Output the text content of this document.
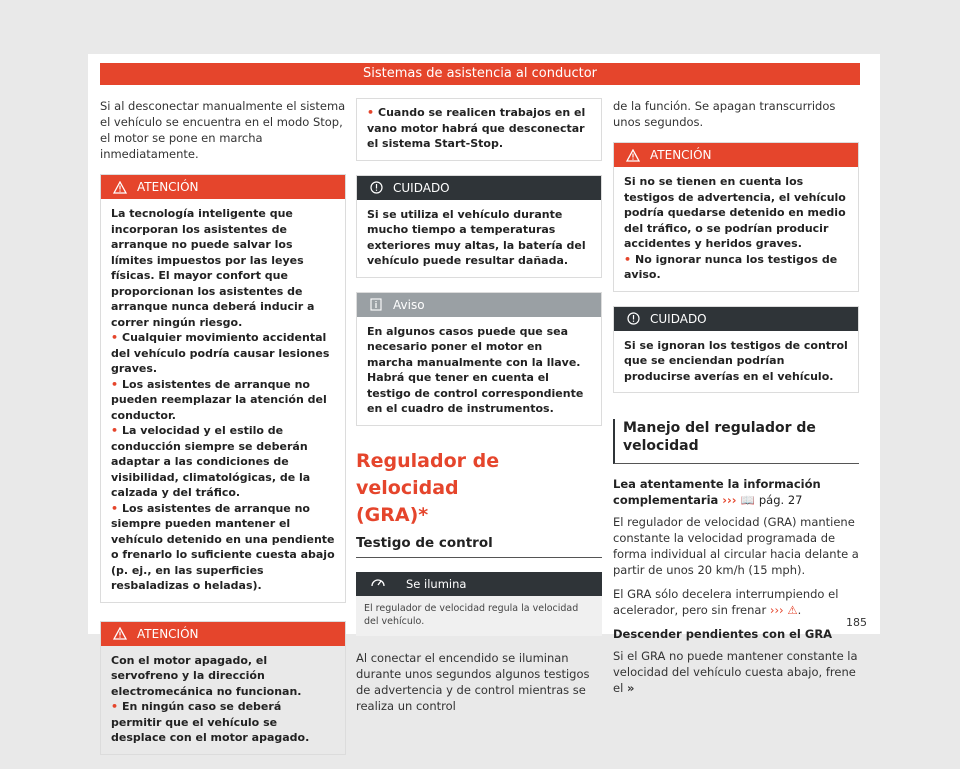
Sistemas de asistencia al conductor

Si al desconectar manualmente el sistema el vehículo se encuentra en el modo Stop, el motor se pone en marcha inmediatamente.

ATENCIÓN
La tecnología inteligente que incorporan los asistentes de arranque no puede salvar los límites impuestos por las leyes físicas. El mayor confort que proporcionan los asistentes de arranque nunca deberá inducir a correr ningún riesgo.
• Cualquier movimiento accidental del vehículo podría causar lesiones graves.
• Los asistentes de arranque no pueden reemplazar la atención del conductor.
• La velocidad y el estilo de conducción siempre se deberán adaptar a las condiciones de visibilidad, climatológicas, de la calzada y del tráfico.
• Los asistentes de arranque no siempre pueden mantener el vehículo detenido en una pendiente o frenarlo lo suficiente cuesta abajo (p. ej., en las superficies resbaladizas o heladas).
ATENCIÓN
Con el motor apagado, el servofreno y la dirección electromecánica no funcionan.
• En ningún caso se deberá permitir que el vehículo se desplace con el motor apagado.
• Cuando se realicen trabajos en el vano motor habrá que desconectar el sistema Start-Stop.
CUIDADO
Si se utiliza el vehículo durante mucho tiempo a temperaturas exteriores muy altas, la batería del vehículo puede resultar dañada.
Aviso
En algunos casos puede que sea necesario poner el motor en marcha manualmente con la llave. Habrá que tener en cuenta el testigo de control correspondiente en el cuadro de instrumentos.
Regulador de velocidad
(GRA)*
Testigo de control
Se ilumina
El regulador de velocidad regula la velocidad del vehículo.

Al conectar el encendido se iluminan durante unos segundos algunos testigos de advertencia y de control mientras se realiza un control

de la función. Se apagan transcurridos unos segundos.

ATENCIÓN
Si no se tienen en cuenta los testigos de advertencia, el vehículo podría quedarse detenido en medio del tráfico, o se podrían producir accidentes y heridos graves.
• No ignorar nunca los testigos de aviso.
CUIDADO
Si se ignoran los testigos de control que se enciendan podrían producirse averías en el vehículo.
Manejo del regulador de velocidad

Lea atentamente la información complementaria ››› 📖 pág. 27

El regulador de velocidad (GRA) mantiene constante la velocidad programada de forma individual al circular hacia delante a partir de unos 20 km/h (15 mph).

El GRA sólo decelera interrumpiendo el acelerador, pero sin frenar ››› ⚠.

Descender pendientes con el GRA

Si el GRA no puede mantener constante la velocidad del vehículo cuesta abajo, frene el »

185
